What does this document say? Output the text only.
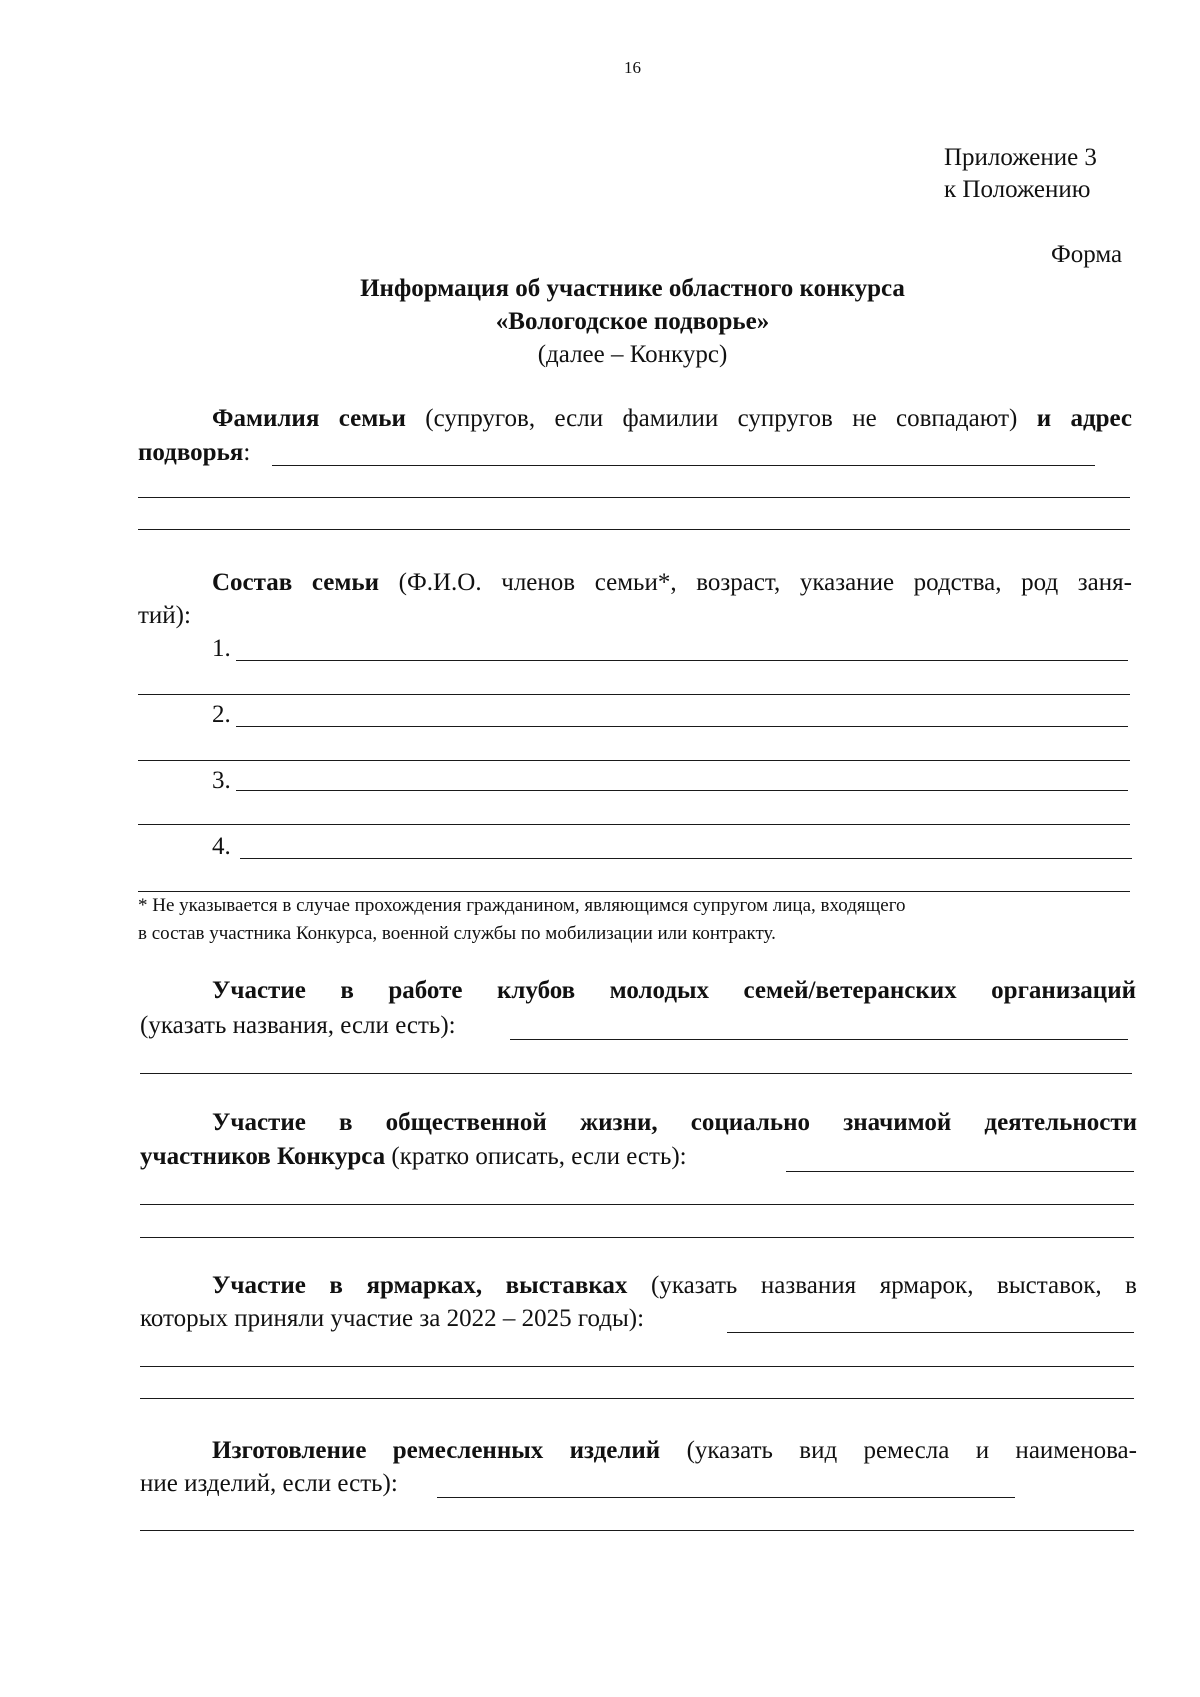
16
Приложение 3
к Положению
Форма
Информация об участнике областного конкурса
«Вологодское подворье»
(далее – Конкурс)
Фамилия семьи (супругов, если фамилии супругов не совпадают) и адрес
подворья:
Состав семьи (Ф.И.О. членов семьи*, возраст, указание родства, род заня-
тий):
1.
2.
3.
4.
* Не указывается в случае прохождения гражданином, являющимся супругом лица, входящего
в состав участника Конкурса, военной службы по мобилизации или контракту.
Участие в работе клубов молодых семей/ветеранских организаций
(указать названия, если есть):
Участие в общественной жизни, социально значимой деятельности
участников Конкурса (кратко описать, если есть):
Участие в ярмарках, выставках (указать названия ярмарок, выставок, в
которых приняли участие за 2022 – 2025 годы):
Изготовление ремесленных изделий (указать вид ремесла и наименова-
ние изделий, если есть):
